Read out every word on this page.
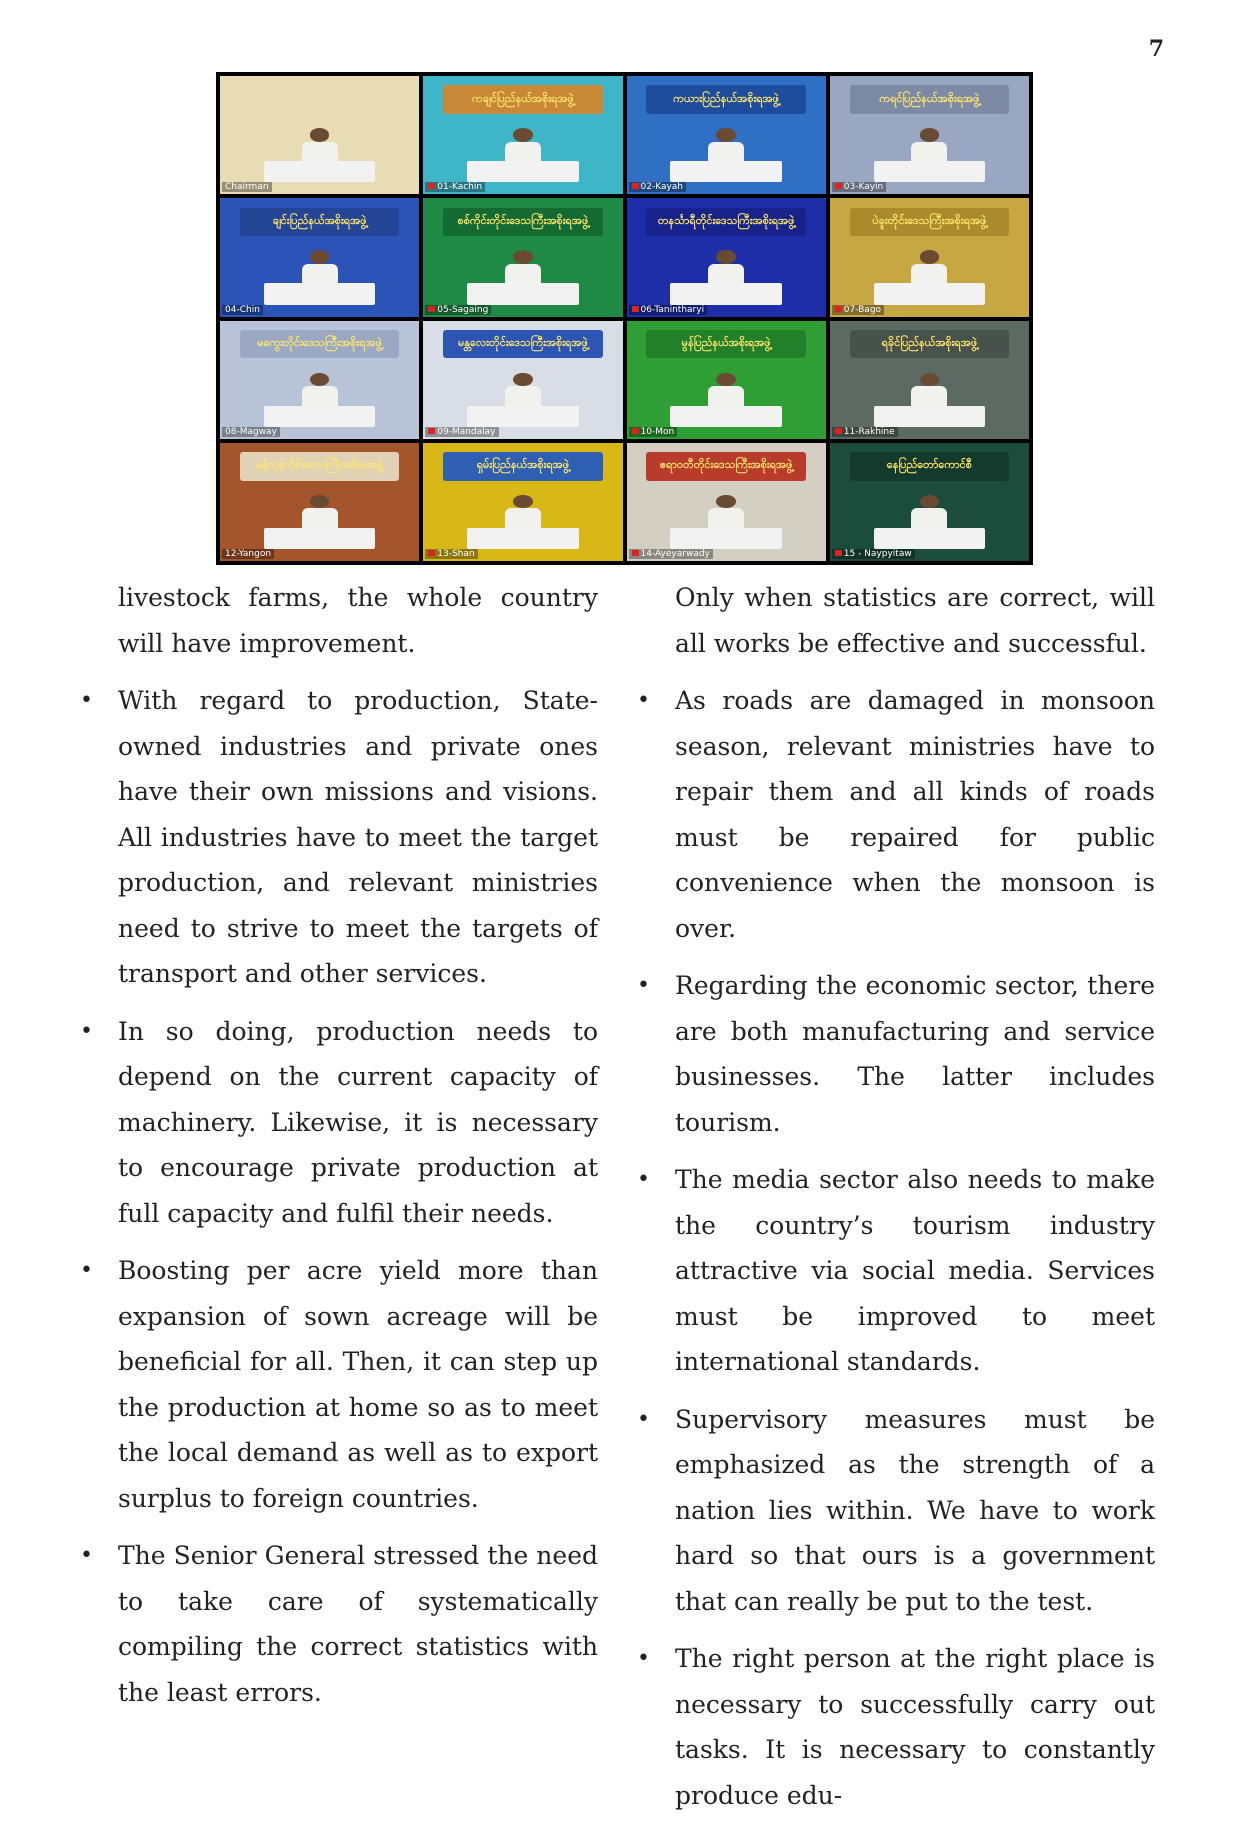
7
Chairman
ကချင်ပြည်နယ်အစိုးရအဖွဲ့
01-Kachin
ကယားပြည်နယ်အစိုးရအဖွဲ့
02-Kayah
ကရင်ပြည်နယ်အစိုးရအဖွဲ့
03-Kayin
ချင်းပြည်နယ်အစိုးရအဖွဲ့
04-Chin
စစ်ကိုင်းတိုင်းဒေသကြီးအစိုးရအဖွဲ့
05-Sagaing
တနင်္သာရီတိုင်းဒေသကြီးအစိုးရအဖွဲ့
06-Tanintharyi
ပဲခူးတိုင်းဒေသကြီးအစိုးရအဖွဲ့
07-Bago
မကွေးတိုင်းဒေသကြီးအစိုးရအဖွဲ့
08-Magway
မန္တလေးတိုင်းဒေသကြီးအစိုးရအဖွဲ့
09-Mandalay
မွန်ပြည်နယ်အစိုးရအဖွဲ့
10-Mon
ရခိုင်ပြည်နယ်အစိုးရအဖွဲ့
11-Rakhine
ရန်ကုန်တိုင်းဒေသကြီးအစိုးရအဖွဲ့
12-Yangon
ရှမ်းပြည်နယ်အစိုးရအဖွဲ့
13-Shan
ဧရာဝတီတိုင်းဒေသကြီးအစိုးရအဖွဲ့
14-Ayeyarwady
နေပြည်တော်ကောင်စီ
15 - Naypyitaw

livestock farms, the whole country will have improvement.

• With regard to production, State-owned industries and private ones have their own missions and visions. All industries have to meet the target production, and relevant ministries need to strive to meet the targets of transport and other services.
• In so doing, production needs to depend on the current capacity of machinery. Likewise, it is necessary to encourage private production at full capacity and fulfil their needs.
• Boosting per acre yield more than expansion of sown acreage will be beneficial for all. Then, it can step up the production at home so as to meet the local demand as well as to export surplus to foreign countries.
• The Senior General stressed the need to take care of systematically compiling the correct statistics with the least errors.

Only when statistics are correct, will all works be effective and successful.

• As roads are damaged in monsoon season, relevant ministries have to repair them and all kinds of roads must be repaired for public convenience when the monsoon is over.
• Regarding the economic sector, there are both manufacturing and service businesses. The latter includes tourism.
• The media sector also needs to make the country’s tourism industry attractive via social media. Services must be improved to meet international standards.
• Supervisory measures must be emphasized as the strength of a nation lies within. We have to work hard so that ours is a government that can really be put to the test.
• The right person at the right place is necessary to successfully carry out tasks. It is necessary to constantly produce edu-
